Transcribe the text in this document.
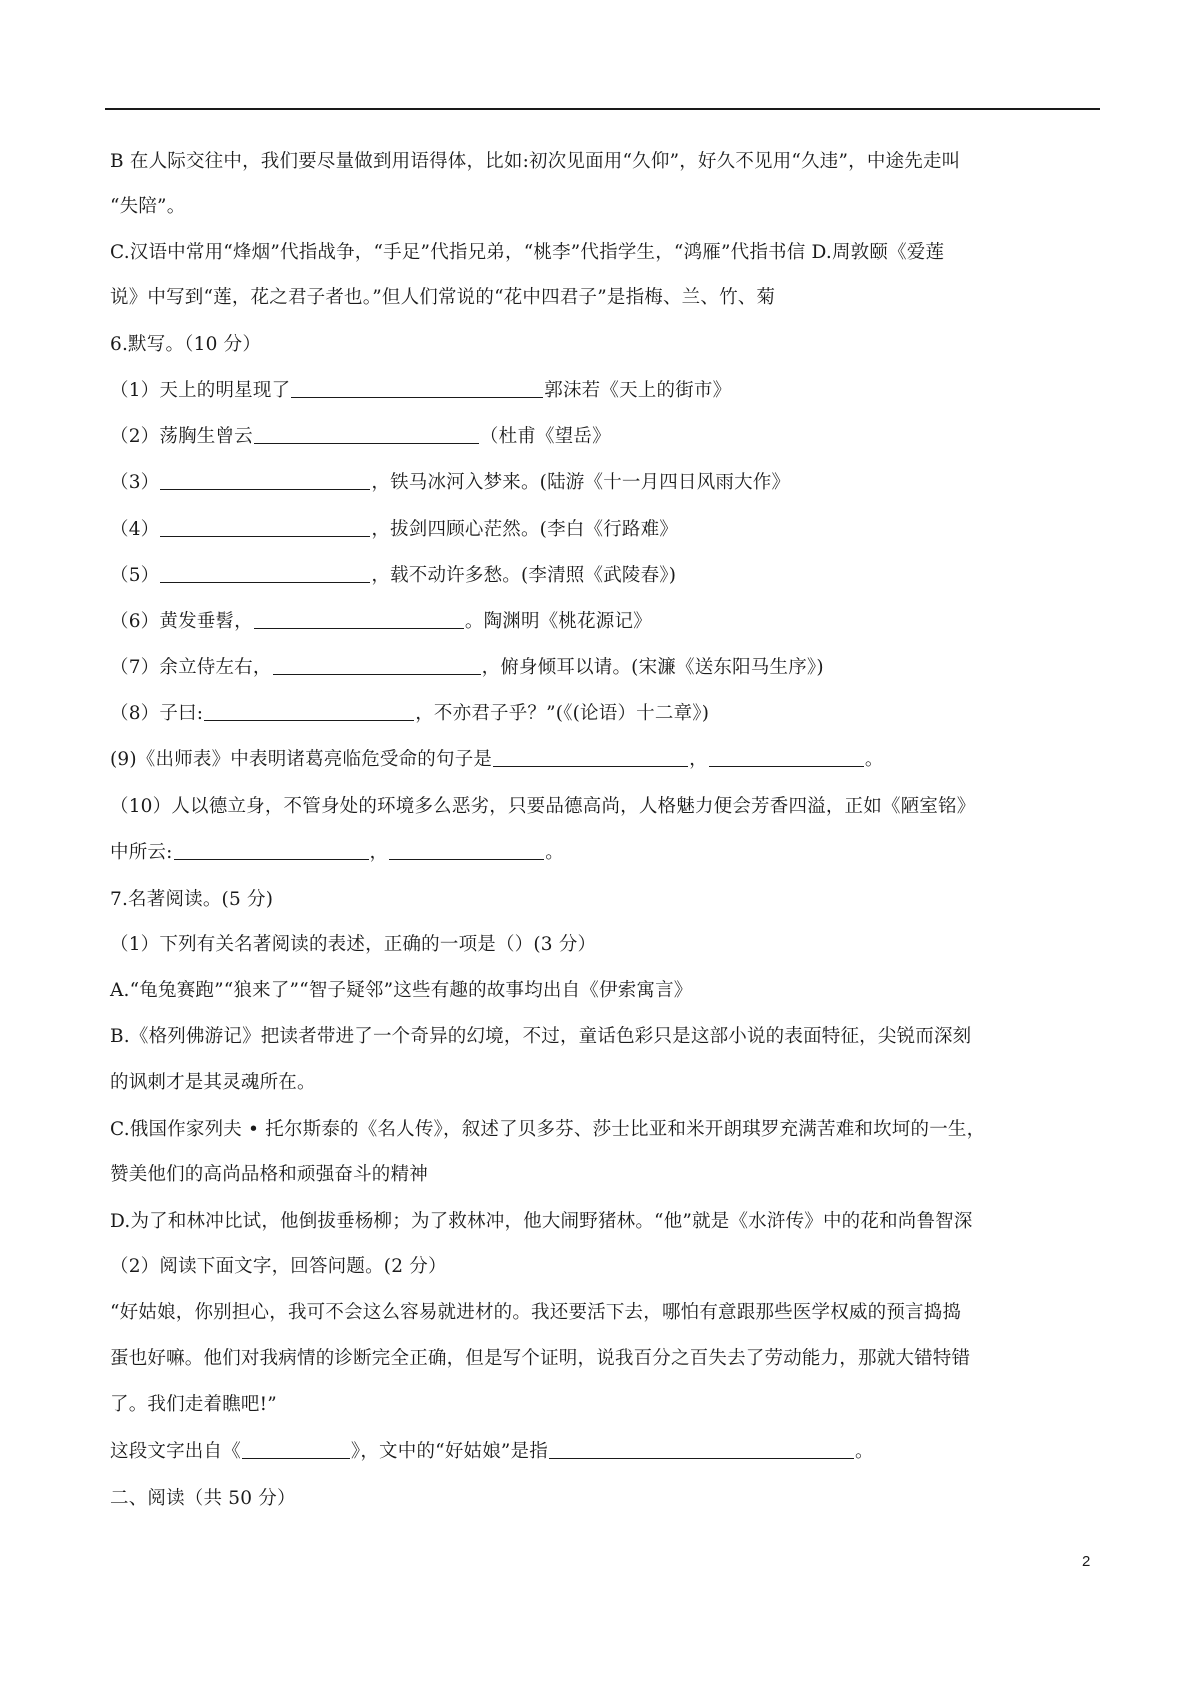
B 在人际交往中，我们要尽量做到用语得体，比如:初次见面用“久仰”，好久不见用“久违”，中途先走叫
“失陪”。
C.汉语中常用“烽烟”代指战争，“手足”代指兄弟，“桃李”代指学生，“鸿雁”代指书信 D.周敦颐《爱莲
说》中写到“莲，花之君子者也。”但人们常说的“花中四君子”是指梅、兰、竹、菊
6.默写。（10 分）
（1）天上的明星现了	郭沫若《天上的街市》
（2）荡胸生曾云	（杜甫《望岳》
（3）	，铁马冰河入梦来。(陆游《十一月四日风雨大作》
（4）	，拔剑四顾心茫然。(李白《行路难》
（5）	，载不动许多愁。(李清照《武陵春》)
（6）黄发垂髫，	。陶渊明《桃花源记》
（7）余立侍左右，	，俯身倾耳以请。(宋濂《送东阳马生序》)
（8）子曰:	，不亦君子乎？”(《(论语）十二章》)
(9)《出师表》中表明诸葛亮临危受命的句子是	，	。
（10）人以德立身，不管身处的环境多么恶劣，只要品德高尚，人格魅力便会芳香四溢，正如《陋室铭》
中所云:	，	。
7.名著阅读。(5 分)
（1）下列有关名著阅读的表述，正确的一项是（）(3 分）
A.“龟兔赛跑”“狼来了”“智子疑邻”这些有趣的故事均出自《伊索寓言》
B.《格列佛游记》把读者带进了一个奇异的幻境，不过，童话色彩只是这部小说的表面特征，尖锐而深刻
的讽刺才是其灵魂所在。
C.俄国作家列夫 • 托尔斯泰的《名人传》，叙述了贝多芬、莎士比亚和米开朗琪罗充满苦难和坎坷的一生，
赞美他们的高尚品格和顽强奋斗的精神
D.为了和林冲比试，他倒拔垂杨柳；为了救林冲，他大闹野猪林。“他”就是《水浒传》中的花和尚鲁智深
（2）阅读下面文字，回答问题。(2 分）
“好姑娘，你别担心，我可不会这么容易就进材的。我还要活下去，哪怕有意跟那些医学权威的预言捣捣
蛋也好嘛。他们对我病情的诊断完全正确，但是写个证明，说我百分之百失去了劳动能力，那就大错特错
了。我们走着瞧吧!”
这段文字出自《	》，文中的“好姑娘”是指	。
二、阅读（共 50 分）
2
